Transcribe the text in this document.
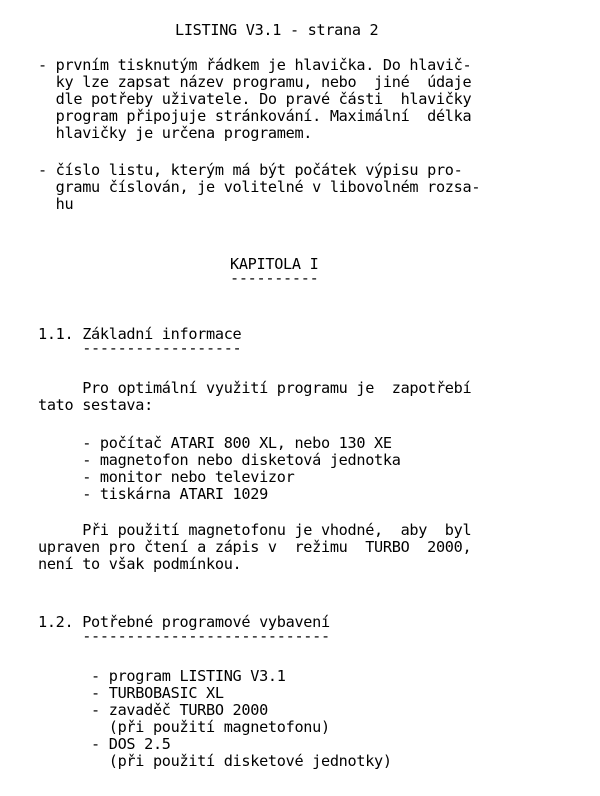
LISTING V3.1 - strana 2
- prvním tisknutým řádkem je hlavička. Do hlavič-
ky lze zapsat název programu, nebo  jiné  údaje
dle potřeby uživatele. Do pravé části  hlavičky
program připojuje stránkování. Maximální  délka
hlavičky je určena programem.
- číslo listu, kterým má být počátek výpisu pro-
gramu číslován, je volitelné v libovolném rozsa-
hu
KAPITOLA I
----------
1.1. Základní informace
------------------
Pro optimální využití programu je  zapotřebí
tato sestava:
- počítač ATARI 800 XL, nebo 130 XE
- magnetofon nebo disketová jednotka
- monitor nebo televizor
- tiskárna ATARI 1029
Při použití magnetofonu je vhodné,  aby  byl
upraven pro čtení a zápis v  režimu  TURBO  2000,
není to však podmínkou.
1.2. Potřebné programové vybavení
----------------------------
- program LISTING V3.1
- TURBOBASIC XL
- zavaděč TURBO 2000
(při použití magnetofonu)
- DOS 2.5
(při použití disketové jednotky)
